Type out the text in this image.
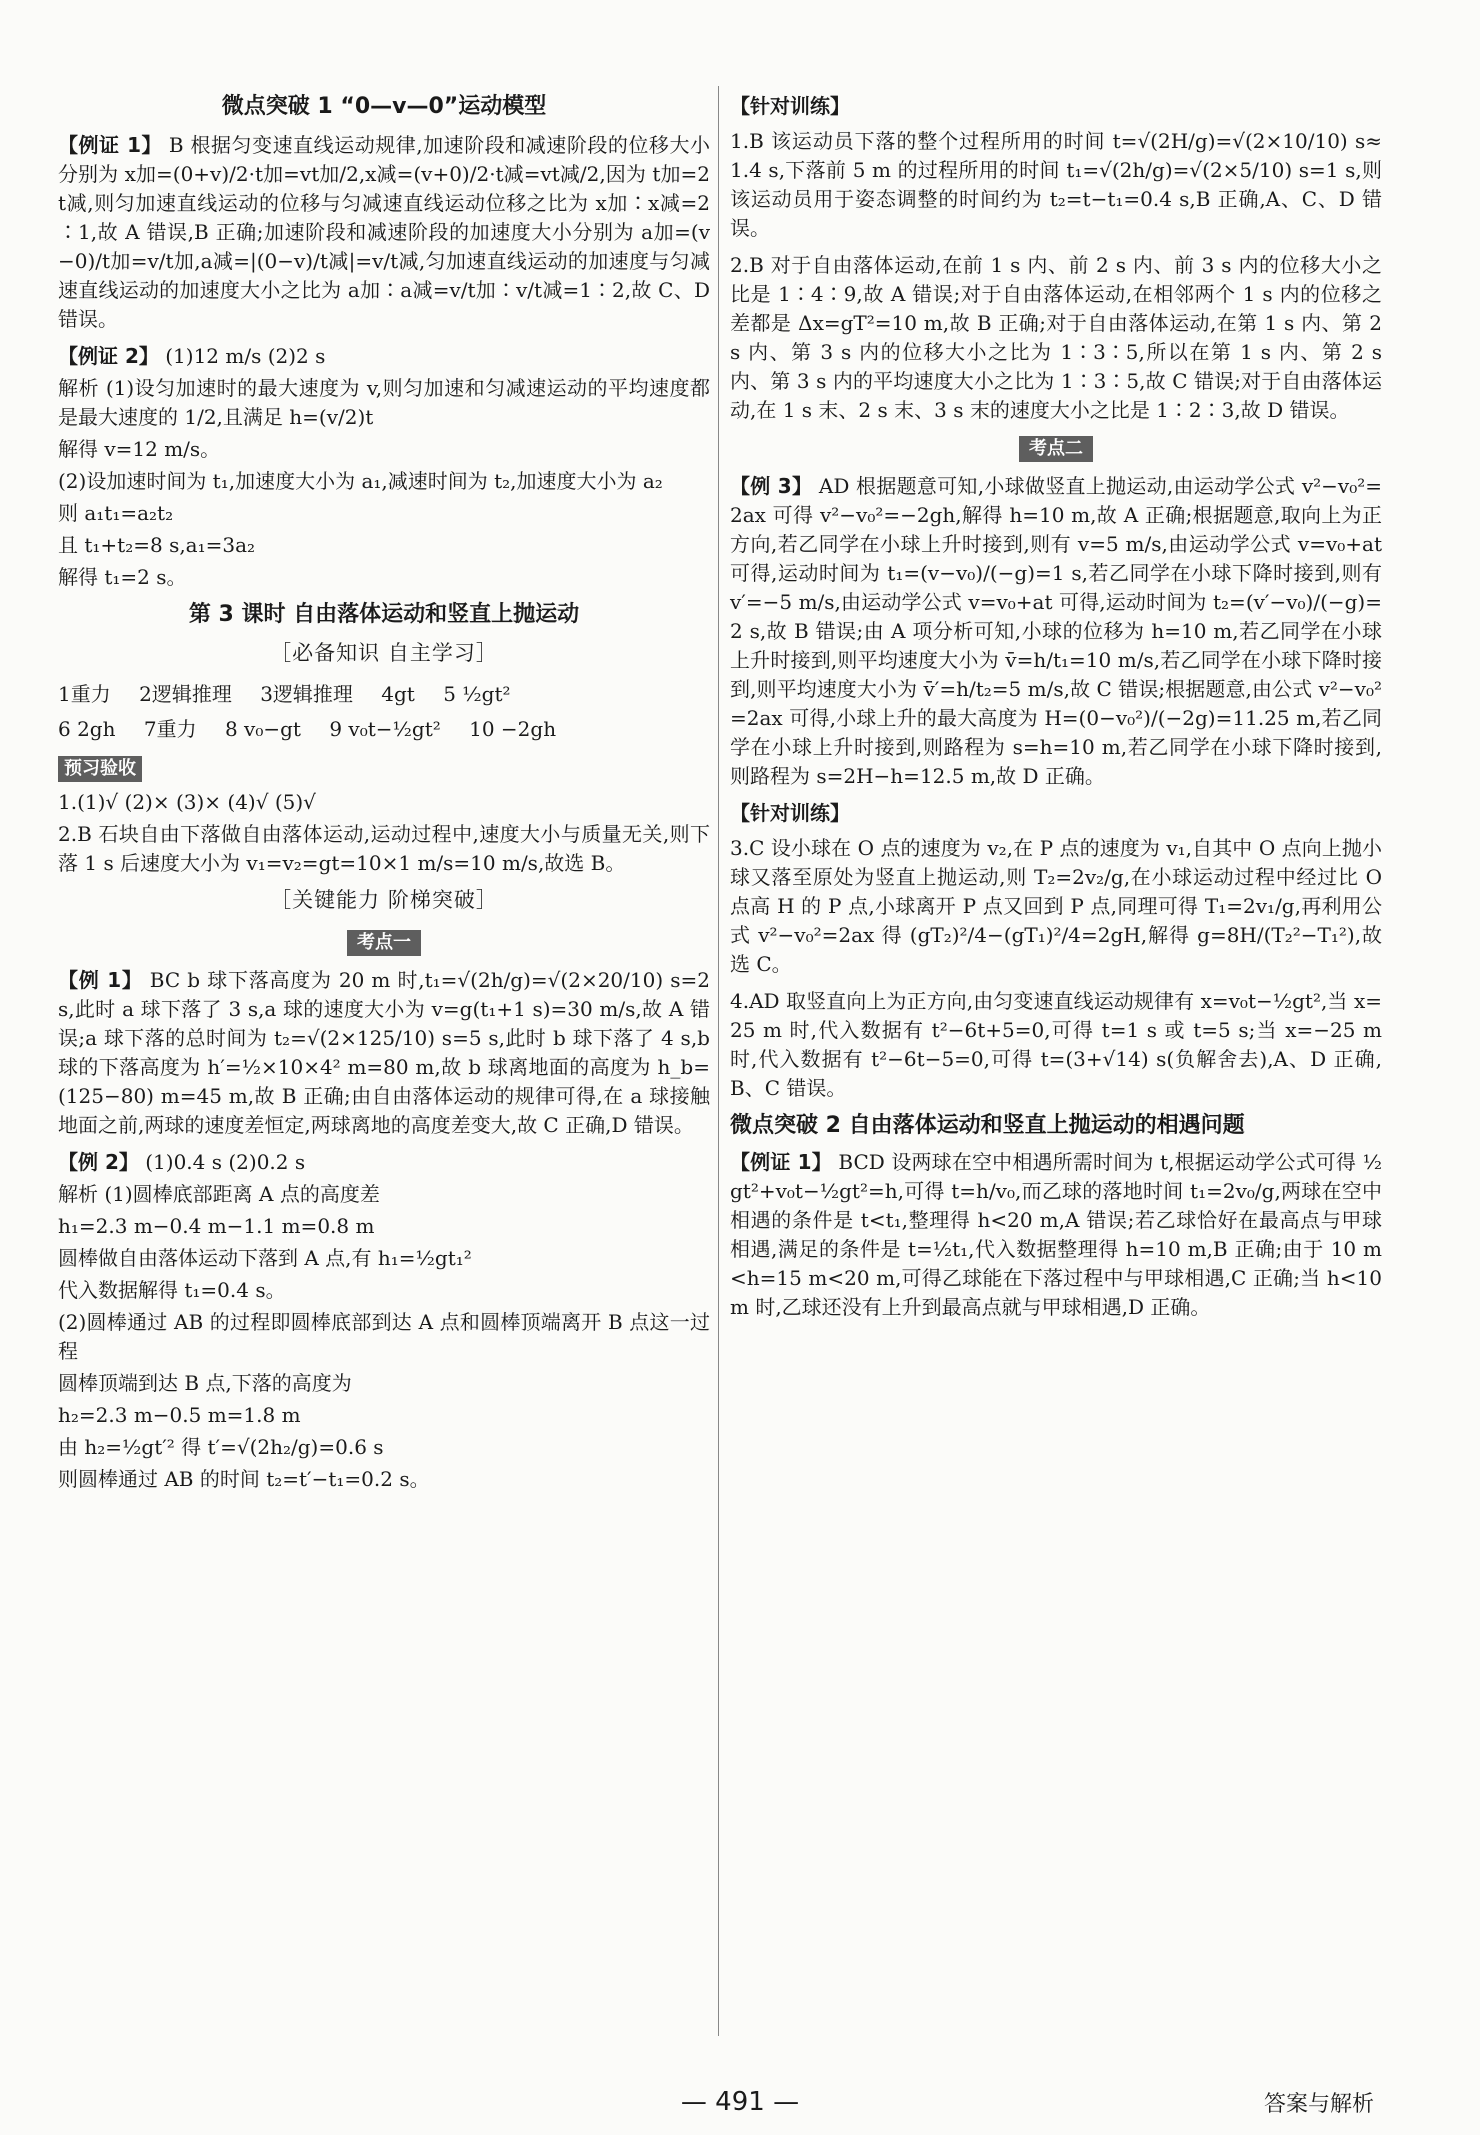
微点突破 1 “0—v—0”运动模型

【例证 1】 B 根据匀变速直线运动规律,加速阶段和减速阶段的位移大小分别为 x加=(0+v)/2·t加=vt加/2,x减=(v+0)/2·t减=vt减/2,因为 t加=2t减,则匀加速直线运动的位移与匀减速直线运动位移之比为 x加∶x减=2∶1,故 A 错误,B 正确;加速阶段和减速阶段的加速度大小分别为 a加=(v−0)/t加=v/t加,a减=|(0−v)/t减|=v/t减,匀加速直线运动的加速度与匀减速直线运动的加速度大小之比为 a加∶a减=v/t加∶v/t减=1∶2,故 C、D 错误。

【例证 2】 (1)12 m/s (2)2 s

解析 (1)设匀加速时的最大速度为 v,则匀加速和匀减速运动的平均速度都是最大速度的 1/2,且满足 h=(v/2)t

解得 v=12 m/s。

(2)设加速时间为 t₁,加速度大小为 a₁,减速时间为 t₂,加速度大小为 a₂

则 a₁t₁=a₂t₂

且 t₁+t₂=8 s,a₁=3a₂

解得 t₁=2 s。

第 3 课时 自由落体运动和竖直上抛运动
［必备知识 自主学习］
1重力 2逻辑推理 3逻辑推理 4gt 5 ½gt²
6 2gh 7重力 8 v₀−gt 9 v₀t−½gt² 10 −2gh
预习验收

1.(1)√ (2)× (3)× (4)√ (5)√

2.B 石块自由下落做自由落体运动,运动过程中,速度大小与质量无关,则下落 1 s 后速度大小为 v₁=v₂=gt=10×1 m/s=10 m/s,故选 B。

［关键能力 阶梯突破］
考点一

【例 1】 BC b 球下落高度为 20 m 时,t₁=√(2h/g)=√(2×20/10) s=2 s,此时 a 球下落了 3 s,a 球的速度大小为 v=g(t₁+1 s)=30 m/s,故 A 错误;a 球下落的总时间为 t₂=√(2×125/10) s=5 s,此时 b 球下落了 4 s,b 球的下落高度为 h′=½×10×4² m=80 m,故 b 球离地面的高度为 h_b=(125−80) m=45 m,故 B 正确;由自由落体运动的规律可得,在 a 球接触地面之前,两球的速度差恒定,两球离地的高度差变大,故 C 正确,D 错误。

【例 2】 (1)0.4 s (2)0.2 s

解析 (1)圆棒底部距离 A 点的高度差

h₁=2.3 m−0.4 m−1.1 m=0.8 m

圆棒做自由落体运动下落到 A 点,有 h₁=½gt₁²

代入数据解得 t₁=0.4 s。

(2)圆棒通过 AB 的过程即圆棒底部到达 A 点和圆棒顶端离开 B 点这一过程

圆棒顶端到达 B 点,下落的高度为

h₂=2.3 m−0.5 m=1.8 m

由 h₂=½gt′² 得 t′=√(2h₂/g)=0.6 s

则圆棒通过 AB 的时间 t₂=t′−t₁=0.2 s。

【针对训练】

1.B 该运动员下落的整个过程所用的时间 t=√(2H/g)=√(2×10/10) s≈1.4 s,下落前 5 m 的过程所用的时间 t₁=√(2h/g)=√(2×5/10) s=1 s,则该运动员用于姿态调整的时间约为 t₂=t−t₁=0.4 s,B 正确,A、C、D 错误。

2.B 对于自由落体运动,在前 1 s 内、前 2 s 内、前 3 s 内的位移大小之比是 1∶4∶9,故 A 错误;对于自由落体运动,在相邻两个 1 s 内的位移之差都是 Δx=gT²=10 m,故 B 正确;对于自由落体运动,在第 1 s 内、第 2 s 内、第 3 s 内的位移大小之比为 1∶3∶5,所以在第 1 s 内、第 2 s 内、第 3 s 内的平均速度大小之比为 1∶3∶5,故 C 错误;对于自由落体运动,在 1 s 末、2 s 末、3 s 末的速度大小之比是 1∶2∶3,故 D 错误。

考点二

【例 3】 AD 根据题意可知,小球做竖直上抛运动,由运动学公式 v²−v₀²=2ax 可得 v²−v₀²=−2gh,解得 h=10 m,故 A 正确;根据题意,取向上为正方向,若乙同学在小球上升时接到,则有 v=5 m/s,由运动学公式 v=v₀+at 可得,运动时间为 t₁=(v−v₀)/(−g)=1 s,若乙同学在小球下降时接到,则有 v′=−5 m/s,由运动学公式 v=v₀+at 可得,运动时间为 t₂=(v′−v₀)/(−g)=2 s,故 B 错误;由 A 项分析可知,小球的位移为 h=10 m,若乙同学在小球上升时接到,则平均速度大小为 v̄=h/t₁=10 m/s,若乙同学在小球下降时接到,则平均速度大小为 v̄′=h/t₂=5 m/s,故 C 错误;根据题意,由公式 v²−v₀²=2ax 可得,小球上升的最大高度为 H=(0−v₀²)/(−2g)=11.25 m,若乙同学在小球上升时接到,则路程为 s=h=10 m,若乙同学在小球下降时接到,则路程为 s=2H−h=12.5 m,故 D 正确。

【针对训练】

3.C 设小球在 O 点的速度为 v₂,在 P 点的速度为 v₁,自其中 O 点向上抛小球又落至原处为竖直上抛运动,则 T₂=2v₂/g,在小球运动过程中经过比 O 点高 H 的 P 点,小球离开 P 点又回到 P 点,同理可得 T₁=2v₁/g,再利用公式 v²−v₀²=2ax 得 (gT₂)²/4−(gT₁)²/4=2gH,解得 g=8H/(T₂²−T₁²),故选 C。

4.AD 取竖直向上为正方向,由匀变速直线运动规律有 x=v₀t−½gt²,当 x=25 m 时,代入数据有 t²−6t+5=0,可得 t=1 s 或 t=5 s;当 x=−25 m 时,代入数据有 t²−6t−5=0,可得 t=(3+√14) s(负解舍去),A、D 正确,B、C 错误。

微点突破 2 自由落体运动和竖直上抛运动的相遇问题

【例证 1】 BCD 设两球在空中相遇所需时间为 t,根据运动学公式可得 ½gt²+v₀t−½gt²=h,可得 t=h/v₀,而乙球的落地时间 t₁=2v₀/g,两球在空中相遇的条件是 t<t₁,整理得 h<20 m,A 错误;若乙球恰好在最高点与甲球相遇,满足的条件是 t=½t₁,代入数据整理得 h=10 m,B 正确;由于 10 m<h=15 m<20 m,可得乙球能在下落过程中与甲球相遇,C 正确;当 h<10 m 时,乙球还没有上升到最高点就与甲球相遇,D 正确。

— 491 —	答案与解析
